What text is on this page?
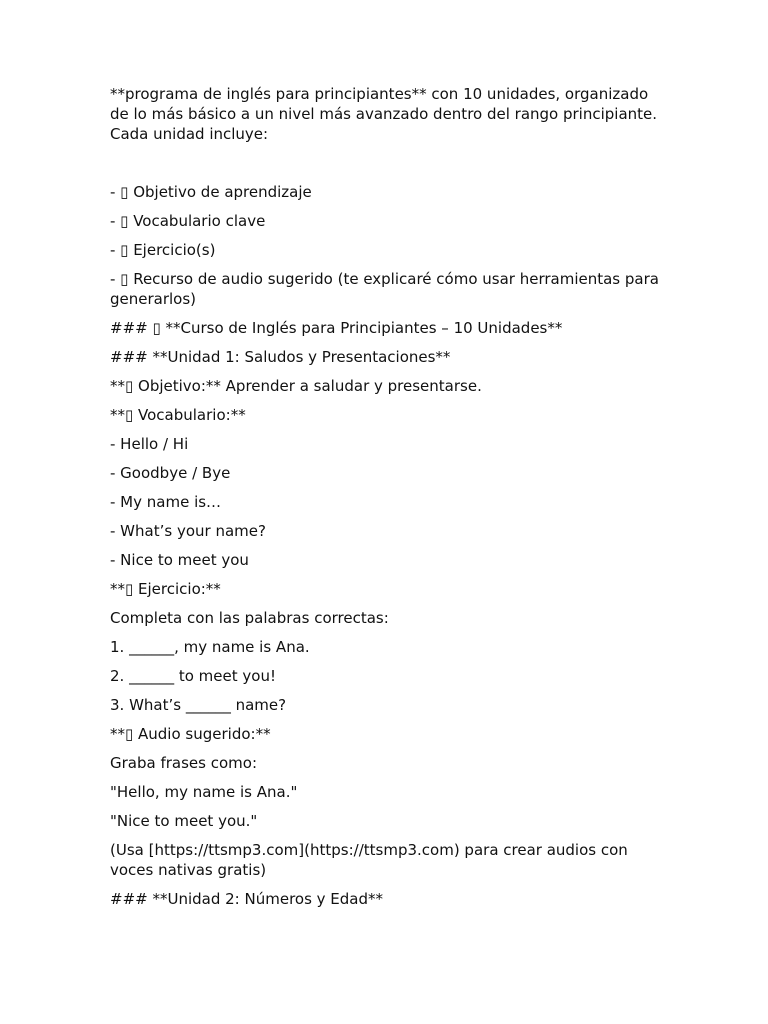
**programa de inglés para principiantes** con 10 unidades, organizado de lo más básico a un nivel más avanzado dentro del rango principiante. Cada unidad incluye:

- ▯ Objetivo de aprendizaje
- ▯ Vocabulario clave
- ▯ Ejercicio(s)
- ▯ Recurso de audio sugerido (te explicaré cómo usar herramientas para generarlos)
### ▯ **Curso de Inglés para Principiantes – 10 Unidades**
### **Unidad 1: Saludos y Presentaciones**
**▯ Objetivo:** Aprender a saludar y presentarse.
**▯ Vocabulario:**
- Hello / Hi
- Goodbye / Bye
- My name is…
- What’s your name?
- Nice to meet you
**▯ Ejercicio:**
Completa con las palabras correctas:
1. ______, my name is Ana.
2. ______ to meet you!
3. What’s ______ name?
**▯ Audio sugerido:**
Graba frases como:
"Hello, my name is Ana."
"Nice to meet you."
(Usa [https://ttsmp3.com](https://ttsmp3.com) para crear audios con voces nativas gratis)
### **Unidad 2: Números y Edad**
